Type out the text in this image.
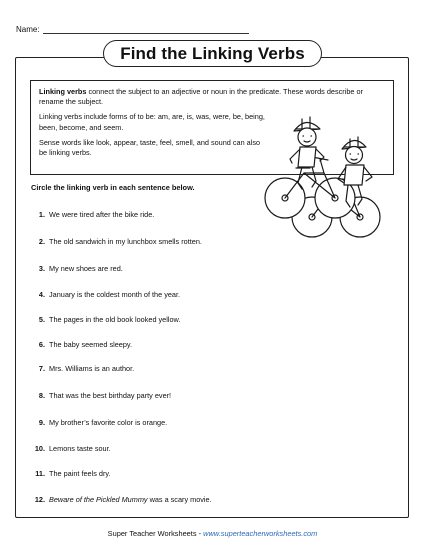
Name:
Find the Linking Verbs

Linking verbs connect the subject to an adjective or noun in the predicate. These words describe or rename the subject.

Linking verbs include forms of to be: am, are, is, was, were, be, being, been, become, and seem.

Sense words like look, appear, taste, feel, smell, and sound can also be linking verbs.

Circle the linking verb in each sentence below.
1. We were tired after the bike ride.
2. The old sandwich in my lunchbox smells rotten.
3. My new shoes are red.
4. January is the coldest month of the year.
5. The pages in the old book looked yellow.
6. The baby seemed sleepy.
7. Mrs. Williams is an author.
8. That was the best birthday party ever!
9. My brother’s favorite color is orange.
10. Lemons taste sour.
11. The paint feels dry.
12. Beware of the Pickled Mummy was a scary movie.
Super Teacher Worksheets - www.superteacherworksheets.com
